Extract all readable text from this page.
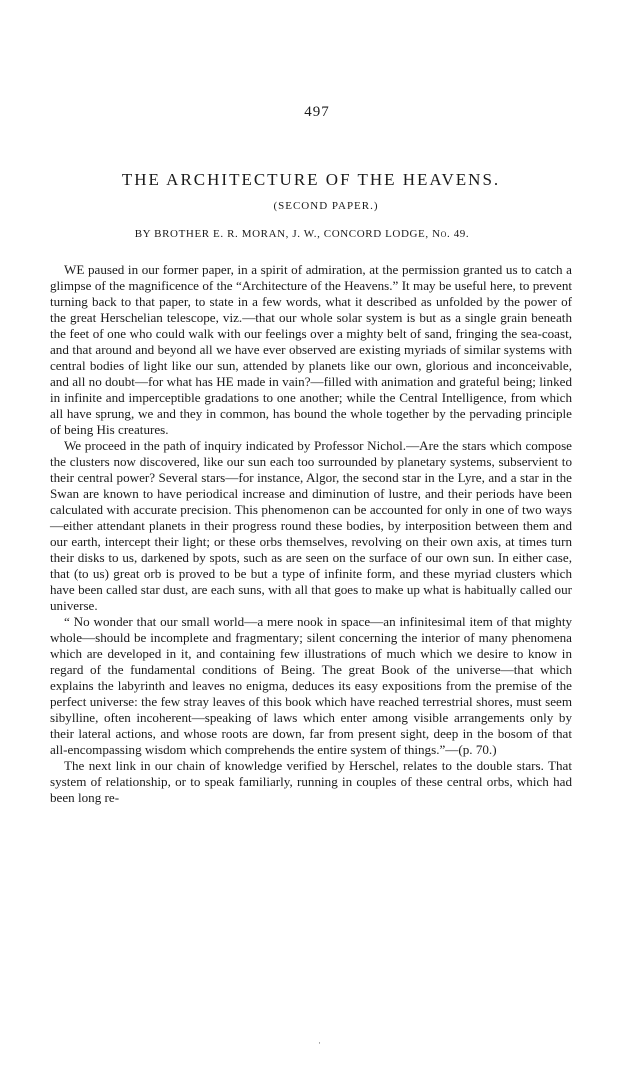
497
THE ARCHITECTURE OF THE HEAVENS.
(SECOND PAPER.)
BY BROTHER E. R. MORAN, J. W., CONCORD LODGE, No. 49.

WE paused in our former paper, in a spirit of admiration, at the permission granted us to catch a glimpse of the magnificence of the “Architecture of the Heavens.” It may be useful here, to prevent turning back to that paper, to state in a few words, what it described as unfolded by the power of the great Herschelian telescope, viz.—that our whole solar system is but as a single grain beneath the feet of one who could walk with our feelings over a mighty belt of sand, fringing the sea-coast, and that around and beyond all we have ever observed are existing myriads of similar systems with central bodies of light like our sun, attended by planets like our own, glorious and inconceivable, and all no doubt—for what has HE made in vain?—filled with animation and grateful being; linked in infinite and imperceptible gradations to one another; while the Central Intelligence, from which all have sprung, we and they in common, has bound the whole together by the pervading principle of being His creatures.

We proceed in the path of inquiry indicated by Professor Nichol.—Are the stars which compose the clusters now discovered, like our sun each too surrounded by planetary systems, subservient to their central power? Several stars—for instance, Algor, the second star in the Lyre, and a star in the Swan are known to have periodical increase and diminution of lustre, and their periods have been calculated with accurate precision. This phenomenon can be accounted for only in one of two ways—either attendant planets in their progress round these bodies, by interposition between them and our earth, intercept their light; or these orbs themselves, revolving on their own axis, at times turn their disks to us, darkened by spots, such as are seen on the surface of our own sun. In either case, that (to us) great orb is proved to be but a type of infinite form, and these myriad clusters which have been called star dust, are each suns, with all that goes to make up what is habitually called our universe.

“ No wonder that our small world—a mere nook in space—an infinitesimal item of that mighty whole—should be incomplete and fragmentary; silent concerning the interior of many phenomena which are developed in it, and containing few illustrations of much which we desire to know in regard of the fundamental conditions of Being. The great Book of the universe—that which explains the labyrinth and leaves no enigma, deduces its easy expositions from the premise of the perfect universe: the few stray leaves of this book which have reached terrestrial shores, must seem sibylline, often incoherent—speaking of laws which enter among visible arrangements only by their lateral actions, and whose roots are down, far from present sight, deep in the bosom of that all-encompassing wisdom which comprehends the entire system of things.”—(p. 70.)

The next link in our chain of knowledge verified by Herschel, relates to the double stars. That system of relationship, or to speak familiarly, running in couples of these central orbs, which had been long re-

·
